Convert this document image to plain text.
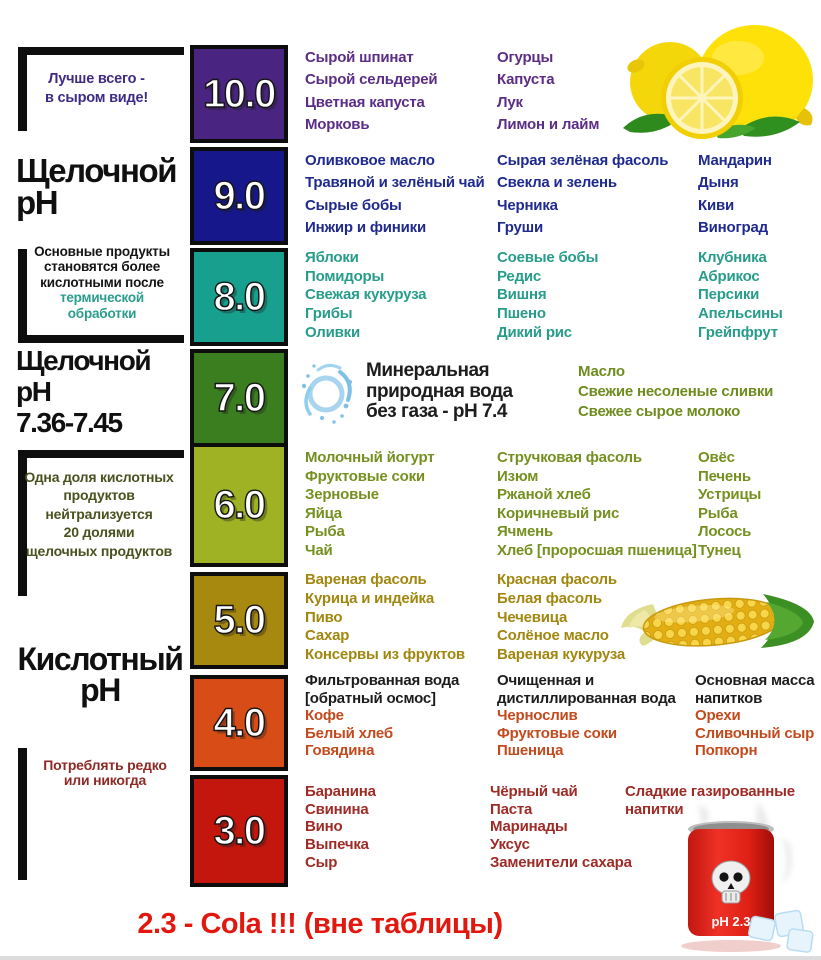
Лучше всего -
в сыром виде!
Щелочной
pH
Основные продукты
становятся более
кислотными после
термической
обработки
Щелочной
pH
7.36-7.45
Одна доля кислотных
продуктов
нейтрализуется
20 долями
щелочных продуктов
Кислотный
pH
Потреблять редко
или никогда
10.0
Сырой шпинат
Сырой сельдерей
Цветная капуста
Морковь
Огурцы
Капуста
Лук
Лимон и лайм
9.0
Оливковое масло
Травяной и зелёный чай
Сырые бобы
Инжир и финики
Сырая зелёная фасоль
Свекла и зелень
Черника
Груши
Мандарин
Дыня
Киви
Виноград
8.0
Яблоки
Помидоры
Свежая кукуруза
Грибы
Оливки
Соевые бобы
Редис
Вишня
Пшено
Дикий рис
Клубника
Абрикос
Персики
Апельсины
Грейпфрут
7.0
Масло
Свежие несоленые сливки
Свежее сырое молоко
6.0
Молочный йогурт
Фруктовые соки
Зерновые
Яйца
Рыба
Чай
Стручковая фасоль
Изюм
Ржаной хлеб
Коричневый рис
Ячмень
Хлеб [проросшая пшеница]
Овёс
Печень
Устрицы
Рыба
Лосось
Тунец
5.0
Вареная фасоль
Курица и индейка
Пиво
Сахар
Консервы из фруктов
Красная фасоль
Белая фасоль
Чечевица
Солёное масло
Вареная кукуруза
4.0
Фильтрованная вода
[обратный осмос]
Кофе
Белый хлеб
Говядина
Очищенная и
дистиллированная вода
Чернослив
Фруктовые соки
Пшеница
Основная масса
напитков
Орехи
Сливочный сыр
Попкорн
3.0
Баранина
Свинина
Вино
Выпечка
Сыр
Чёрный чай
Паста
Маринады
Уксус
Заменители сахара
Сладкие газированные
напитки
Минеральная
природная вода
без газа - pH 7.4
pH 2.3
2.3 - Cola !!! (вне таблицы)
